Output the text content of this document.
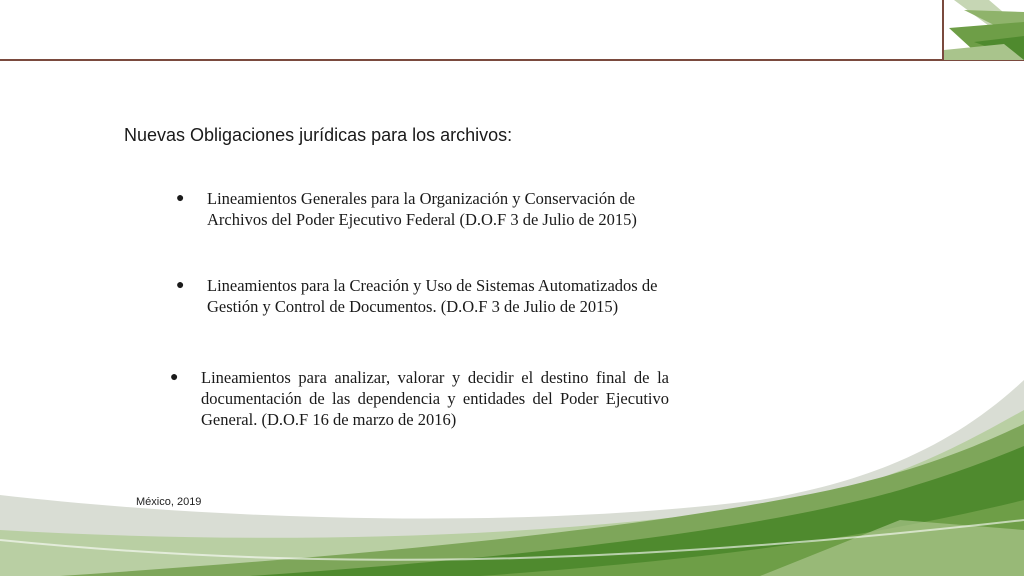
Nuevas Obligaciones jurídicas para los archivos:
● Lineamientos Generales para la Organización y Conservación de Archivos del Poder Ejecutivo Federal (D.O.F 3 de Julio de 2015)
● Lineamientos para la Creación y Uso de Sistemas Automatizados de Gestión y Control de Documentos. (D.O.F 3 de Julio de 2015)
● Lineamientos para analizar, valorar y decidir el destino final de la documentación de las dependencia y entidades del Poder Ejecutivo General. (D.O.F 16 de marzo de 2016)
México, 2019
